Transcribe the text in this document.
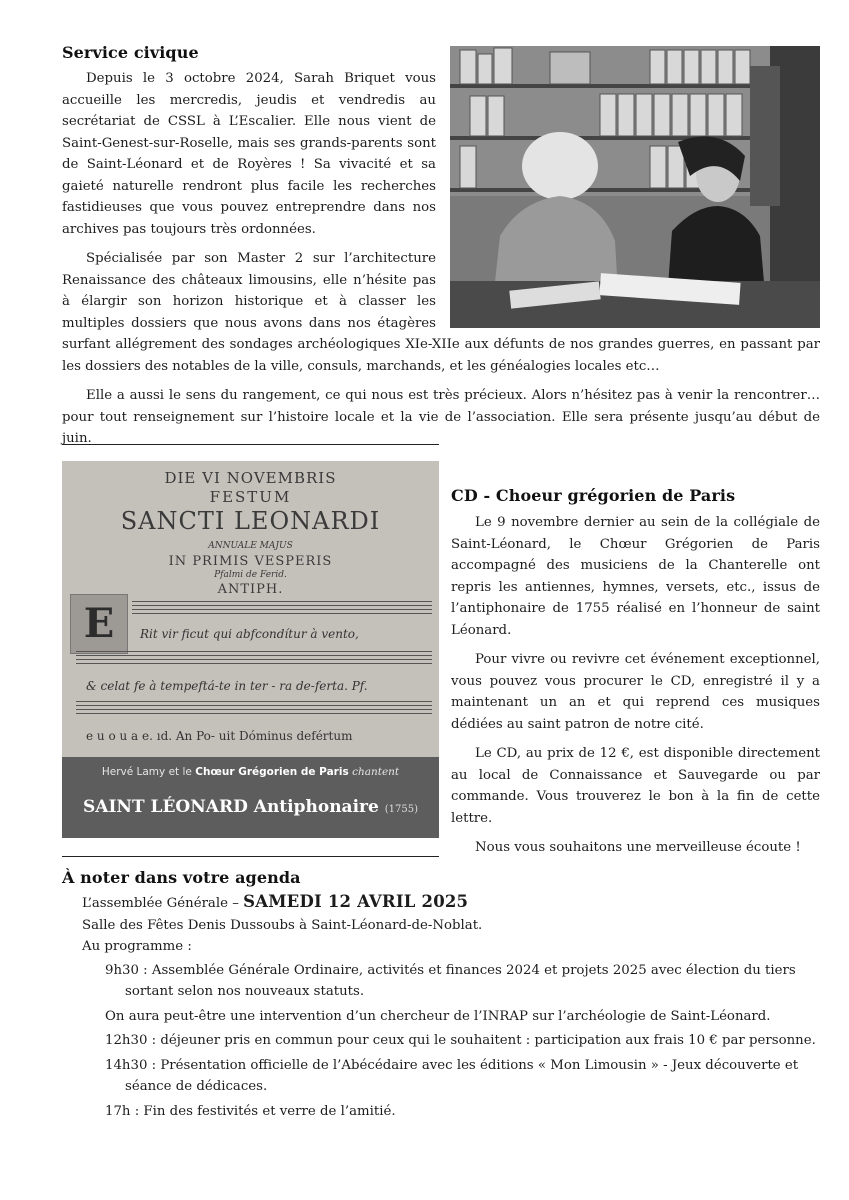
Service civique

Depuis le 3 octobre 2024, Sarah Briquet vous accueille les mercredis, jeudis et vendredis au secrétariat de CSSL à L’Escalier. Elle nous vient de Saint-Genest-sur-Roselle, mais ses grands-parents sont de Saint-Léonard et de Royères ! Sa vivacité et sa gaieté naturelle rendront plus facile les recherches fastidieuses que vous pouvez entreprendre dans nos archives pas toujours très ordonnées.

Spécialisée par son Master 2 sur l’architecture Renaissance des châteaux limousins, elle n’hésite pas à élargir son horizon historique et à classer les multiples dossiers que nous avons dans nos étagères surfant allégrement des sondages archéologiques XIe-XIIe aux défunts de nos grandes guerres, en passant par les dossiers des notables de la ville, consuls, marchands, et les généalogies locales etc…

Elle a aussi le sens du rangement, ce qui nous est très précieux. Alors n’hésitez pas à venir la rencontrer… pour tout renseignement sur l’histoire locale et la vie de l’association. Elle sera présente jusqu’au début de juin.

DIE VI NOVEMBRIS
FESTUM
SANCTI LEONARDI
ANNUALE MAJUS
IN PRIMIS VESPERIS
Pfalmi de Ferid.
ANTIPH.
E	Rit vir ficut qui abfcondítur à vento,
& celat fe à tempeftá-te in ter - ra de-ferta. Pf.
e u o u a e. ıd. An Po- uit Dóminus defértum
Hervé Lamy et le Chœur Grégorien de Paris chantent
SAINT LÉONARD Antiphonaire (1755)
CD - Choeur grégorien de Paris

Le 9 novembre dernier au sein de la collégiale de Saint-Léonard, le Chœur Grégorien de Paris accompagné des musiciens de la Chanterelle ont repris les antiennes, hymnes, versets, etc., issus de l’antiphonaire de 1755 réalisé en l’honneur de saint Léonard.

Pour vivre ou revivre cet événement exceptionnel, vous pouvez vous procurer le CD, enregistré il y a maintenant un an et qui reprend ces musiques dédiées au saint patron de notre cité.

Le CD, au prix de 12 €, est disponible directement au local de Connaissance et Sauvegarde ou par commande. Vous trouverez le bon à la fin de cette lettre.

Nous vous souhaitons une merveilleuse écoute !

À noter dans votre agenda
L’assemblée Générale – SAMEDI 12 AVRIL 2025
Salle des Fêtes Denis Dussoubs à Saint-Léonard-de-Noblat.
Au programme :
9h30 : Assemblée Générale Ordinaire, activités et finances 2024 et projets 2025 avec élection du tiers sortant selon nos nouveaux statuts.
On aura peut-être une intervention d’un chercheur de l’INRAP sur l’archéologie de Saint-Léonard.
12h30 : déjeuner pris en commun pour ceux qui le souhaitent : participation aux frais 10 € par personne.
14h30 : Présentation officielle de l’Abécédaire avec les éditions « Mon Limousin » - Jeux découverte et séance de dédicaces.
17h : Fin des festivités et verre de l’amitié.
